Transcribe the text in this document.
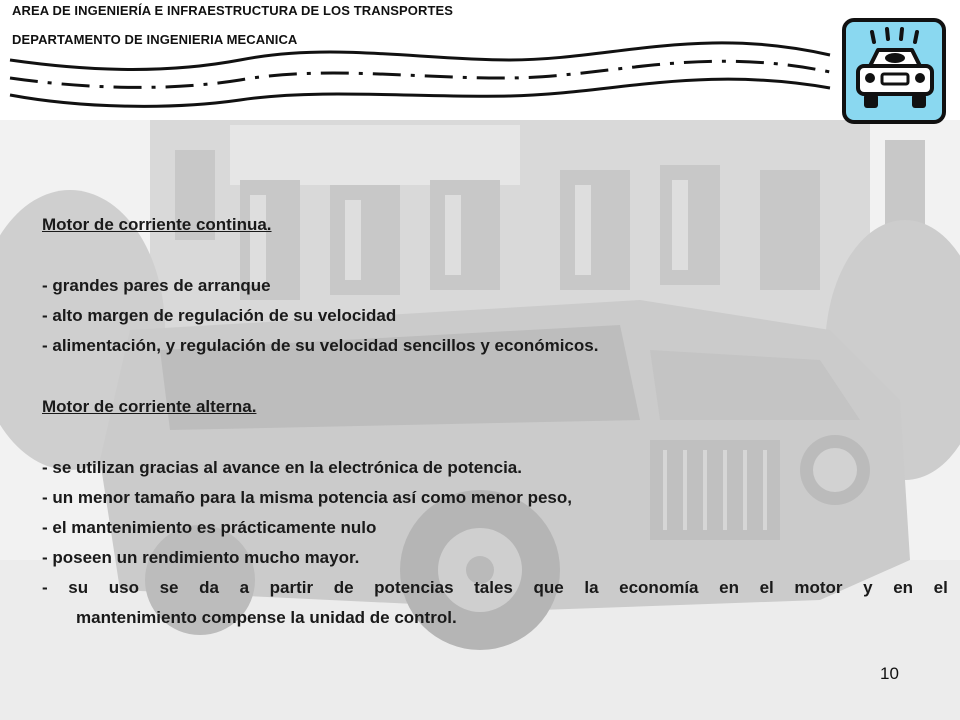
AREA DE INGENIERÍA E INFRAESTRUCTURA DE LOS TRANSPORTES
DEPARTAMENTO DE INGENIERIA MECANICA
Motor de corriente continua.
- grandes pares de arranque
- alto margen de regulación de su velocidad
- alimentación, y regulación de su velocidad sencillos y económicos.
Motor de corriente alterna.
- se utilizan gracias al avance en la electrónica de potencia.
- un menor tamaño para la misma potencia así como menor peso,
- el mantenimiento es prácticamente nulo
- poseen un rendimiento mucho mayor.
- su uso se da a partir de potencias tales que la economía en el motor y en el
mantenimiento compense la unidad de control.
10
